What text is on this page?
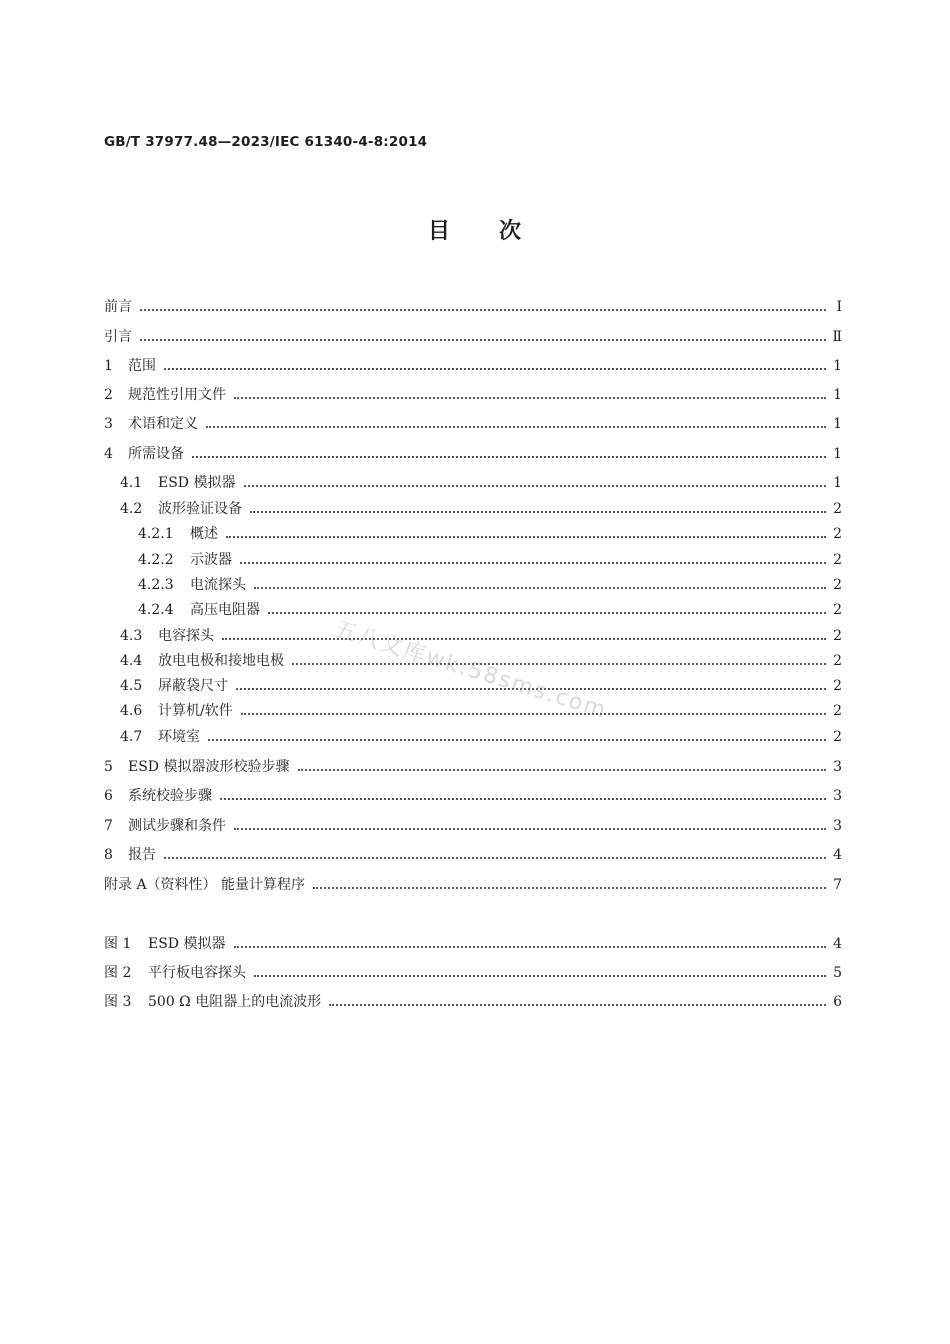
GB/T 37977.48—2023/IEC 61340-4-8:2014
目 次
前言	Ⅰ
引言	Ⅱ
1	范围	1
2	规范性引用文件	1
3	术语和定义	1
4	所需设备	1
4.1	ESD 模拟器	1
4.2	波形验证设备	2
4.2.1	概述	2
4.2.2	示波器	2
4.2.3	电流探头	2
4.2.4	高压电阻器	2
4.3	电容探头	2
4.4	放电电极和接地电极	2
4.5	屏蔽袋尺寸	2
4.6	计算机/软件	2
4.7	环境室	2
5	ESD 模拟器波形校验步骤	3
6	系统校验步骤	3
7	测试步骤和条件	3
8	报告	4
附录 A（资料性） 能量计算程序	7
图 1	ESD 模拟器	4
图 2	平行板电容探头	5
图 3	500 Ω 电阻器上的电流波形	6
五八文库wk.58sms.com
